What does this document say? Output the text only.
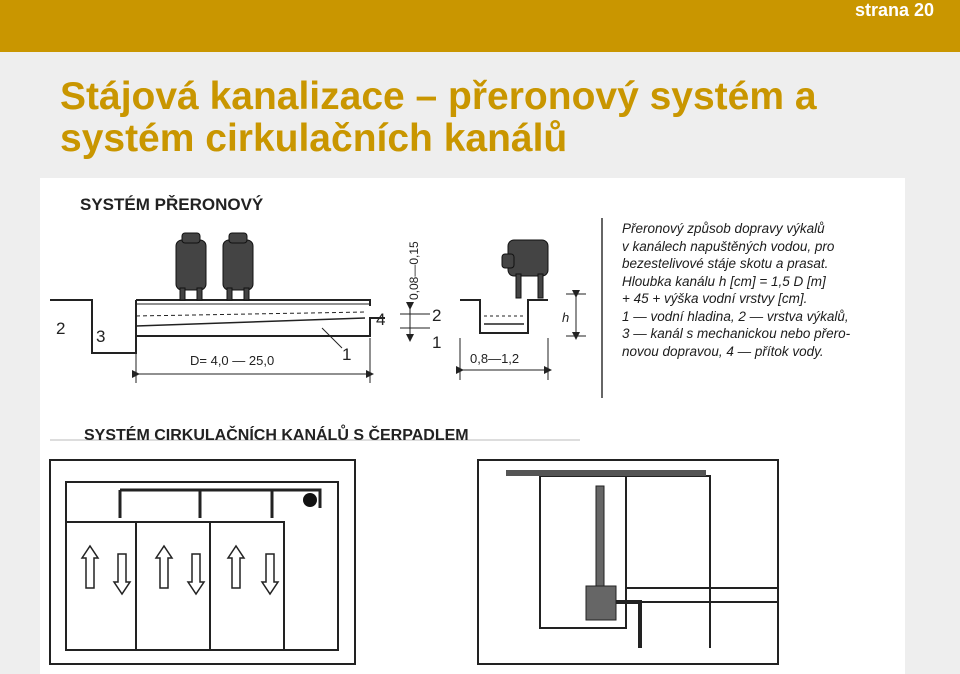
strana 20
Stájová kanalizace – přeronový systém a
systém cirkulačních kanálů
SYSTÉM PŘERONOVÝ
2 3
4
1
D= 4,0 — 25,0
0,08—0,15
2
1
0,8—1,2
h
SYSTÉM CIRKULAČNÍCH KANÁLŮ S ČERPADLEM
Přeronový způsob dopravy výkalů
v kanálech napuštěných vodou, pro
bezestelivové stáje skotu a prasat.
Hloubka kanálu h [cm] = 1,5 D [m]
+ 45 + výška vodní vrstvy [cm].
1 — vodní hladina, 2 — vrstva výkalů,
3 — kanál s mechanickou nebo přero-
novou dopravou, 4 — přítok vody.
